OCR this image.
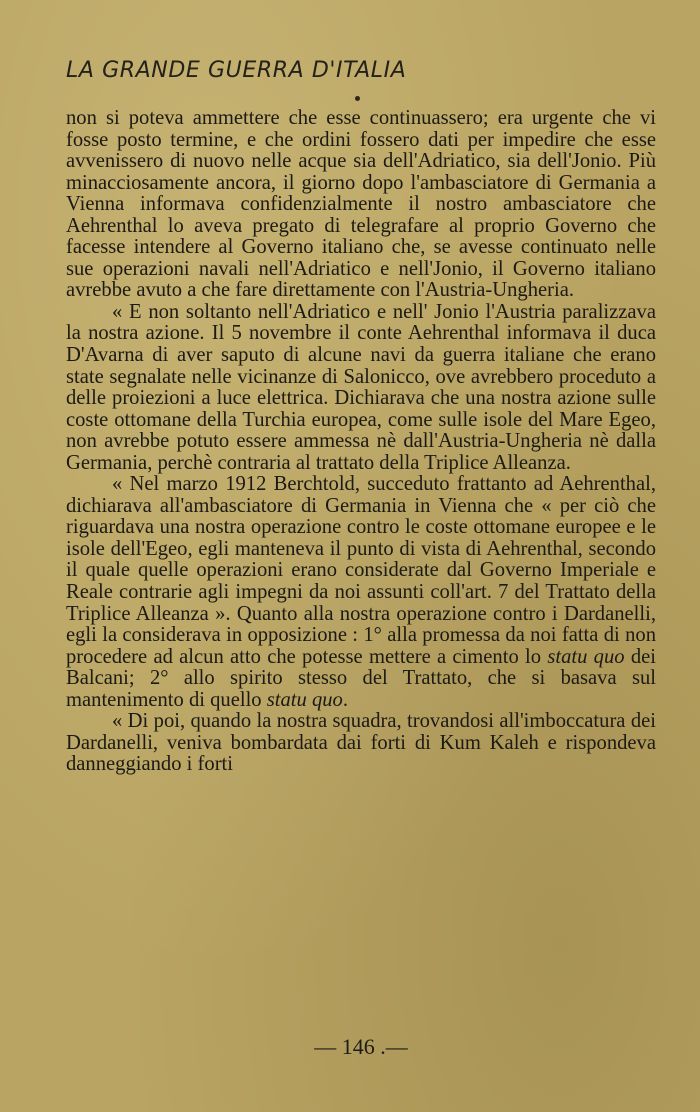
LA GRANDE GUERRA D'ITALIA

non si poteva ammettere che esse continuassero; era urgente che vi fosse posto termine, e che ordini fossero dati per impedire che esse avvenissero di nuovo nelle acque sia dell'Adriatico, sia dell'Jonio. Più minacciosamente ancora, il giorno dopo l'ambasciatore di Germania a Vienna informava confidenzialmente il nostro ambasciatore che Aehrenthal lo aveva pregato di telegrafare al proprio Governo che facesse intendere al Governo italiano che, se avesse continuato nelle sue operazioni navali nell'Adriatico e nell'Jonio, il Governo italiano avrebbe avuto a che fare direttamente con l'Austria-Ungheria.

« E non soltanto nell'Adriatico e nell' Jonio l'Austria paralizzava la nostra azione. Il 5 novembre il conte Aehrenthal informava il duca D'Avarna di aver saputo di alcune navi da guerra italiane che erano state segnalate nelle vicinanze di Salonicco, ove avrebbero proceduto a delle proiezioni a luce elettrica. Dichiarava che una nostra azione sulle coste ottomane della Turchia europea, come sulle isole del Mare Egeo, non avrebbe potuto essere ammessa nè dall'Austria-Ungheria nè dalla Germania, perchè contraria al trattato della Triplice Alleanza.

« Nel marzo 1912 Berchtold, succeduto frattanto ad Aehrenthal, dichiarava all'ambasciatore di Germania in Vienna che « per ciò che riguardava una nostra operazione contro le coste ottomane europee e le isole dell'Egeo, egli manteneva il punto di vista di Aehrenthal, secondo il quale quelle operazioni erano considerate dal Governo Imperiale e Reale contrarie agli impegni da noi assunti coll'art. 7 del Trattato della Triplice Alleanza ». Quanto alla nostra operazione contro i Dardanelli, egli la considerava in opposizione : 1° alla promessa da noi fatta di non procedere ad alcun atto che potesse mettere a cimento lo statu quo dei Balcani; 2° allo spirito stesso del Trattato, che si basava sul mantenimento di quello statu quo.

« Di poi, quando la nostra squadra, trovandosi all'imboccatura dei Dardanelli, veniva bombardata dai forti di Kum Kaleh e rispondeva danneggiando i forti

— 146 .—
